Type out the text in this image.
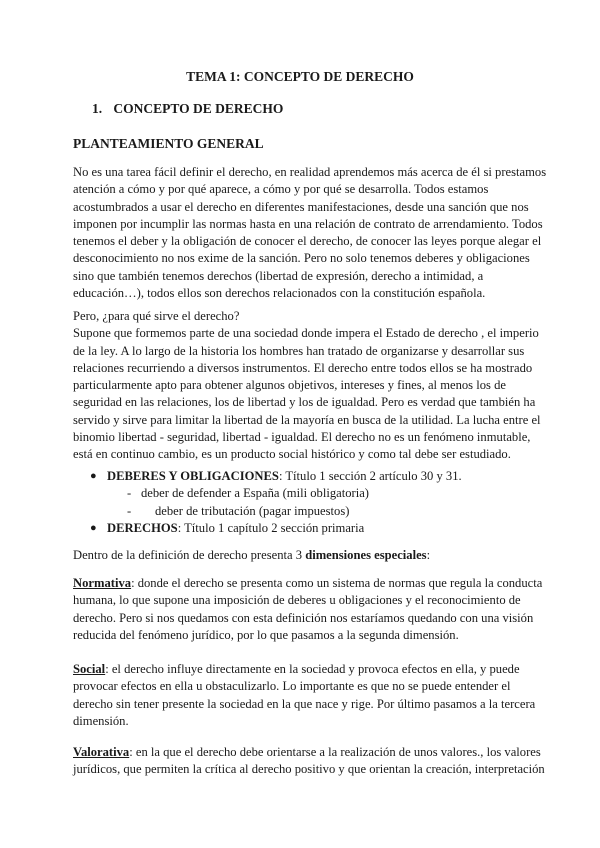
TEMA 1: CONCEPTO DE DERECHO
1. CONCEPTO DE DERECHO
PLANTEAMIENTO GENERAL

No es una tarea fácil definir el derecho, en realidad aprendemos más acerca de él si prestamos
atención a cómo y por qué aparece, a cómo y por qué se desarrolla. Todos estamos
acostumbrados a usar el derecho en diferentes manifestaciones, desde una sanción que nos
imponen por incumplir las normas hasta en una relación de contrato de arrendamiento. Todos
tenemos el deber y la obligación de conocer el derecho, de conocer las leyes porque alegar el
desconocimiento no nos exime de la sanción. Pero no solo tenemos deberes y obligaciones
sino que también tenemos derechos (libertad de expresión, derecho a intimidad, a
educación…), todos ellos son derechos relacionados con la constitución española.

Pero, ¿para qué sirve el derecho?
Supone que formemos parte de una sociedad donde impera el Estado de derecho , el imperio
de la ley. A lo largo de la historia los hombres han tratado de organizarse y desarrollar sus
relaciones recurriendo a diversos instrumentos. El derecho entre todos ellos se ha mostrado
particularmente apto para obtener algunos objetivos, intereses y fines, al menos los de
seguridad en las relaciones, los de libertad y los de igualdad. Pero es verdad que también ha
servido y sirve para limitar la libertad de la mayoría en busca de la utilidad. La lucha entre el
binomio libertad - seguridad, libertad - igualdad. El derecho no es un fenómeno inmutable,
está en continuo cambio, es un producto social histórico y como tal debe ser estudiado.

● DEBERES Y OBLIGACIONES: Título 1 sección 2 artículo 30 y 31.
- deber de defender a España (mili obligatoria)
- deber de tributación (pagar impuestos)
● DERECHOS: Título 1 capítulo 2 sección primaria

Dentro de la definición de derecho presenta 3 dimensiones especiales:

Normativa: donde el derecho se presenta como un sistema de normas que regula la conducta
humana, lo que supone una imposición de deberes u obligaciones y el reconocimiento de
derecho. Pero si nos quedamos con esta definición nos estaríamos quedando con una visión
reducida del fenómeno jurídico, por lo que pasamos a la segunda dimensión.

Social: el derecho influye directamente en la sociedad y provoca efectos en ella, y puede
provocar efectos en ella u obstaculizarlo. Lo importante es que no se puede entender el
derecho sin tener presente la sociedad en la que nace y rige. Por último pasamos a la tercera
dimensión.

Valorativa: en la que el derecho debe orientarse a la realización de unos valores., los valores
jurídicos, que permiten la crítica al derecho positivo y que orientan la creación, interpretación
